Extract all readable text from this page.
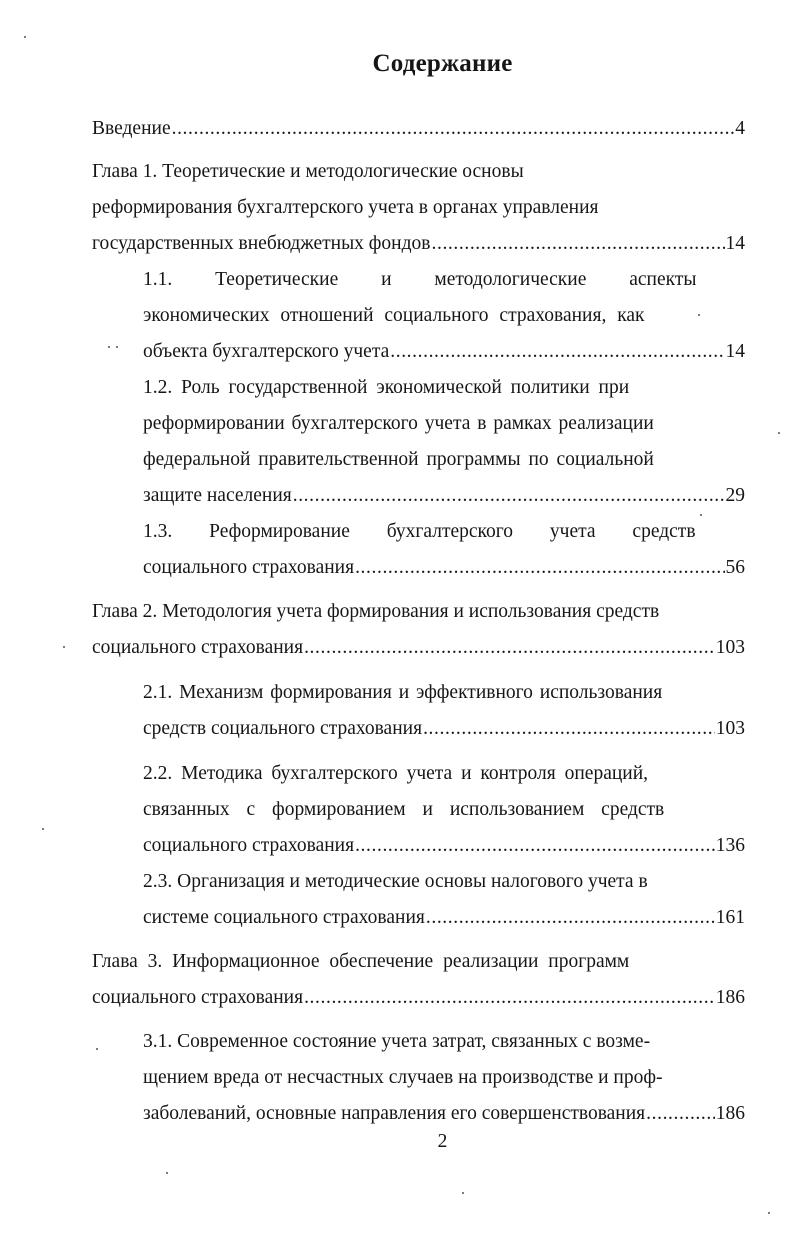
Содержание
Введение .....	4
Глава 1. Теоретические и методологические основы
реформирования бухгалтерского учета в органах управления
государственных внебюджетных фондов .....	14
1.1. Теоретические и методологические аспекты
экономических отношений социального страхования, как
объекта бухгалтерского учета .....	14
1.2. Роль государственной экономической политики при
реформировании бухгалтерского учета в рамках реализации
федеральной правительственной программы по социальной
защите населения .....	29
1.3. Реформирование бухгалтерского учета средств
социального страхования .....	56
Глава 2. Методология учета формирования и использования средств
социального страхования .....	103
2.1. Механизм формирования и эффективного использования
средств социального страхования .....	103
2.2. Методика бухгалтерского учета и контроля операций,
связанных с формированием и использованием средств
социального страхования .....	136
2.3. Организация и методические основы налогового учета в
системе социального страхования .....	161
Глава 3. Информационное обеспечение реализации программ
социального страхования .....	186
3.1. Современное состояние учета затрат, связанных с возме-
щением вреда от несчастных случаев на производстве и проф-
заболеваний, основные направления его совершенствования .....	186
2
